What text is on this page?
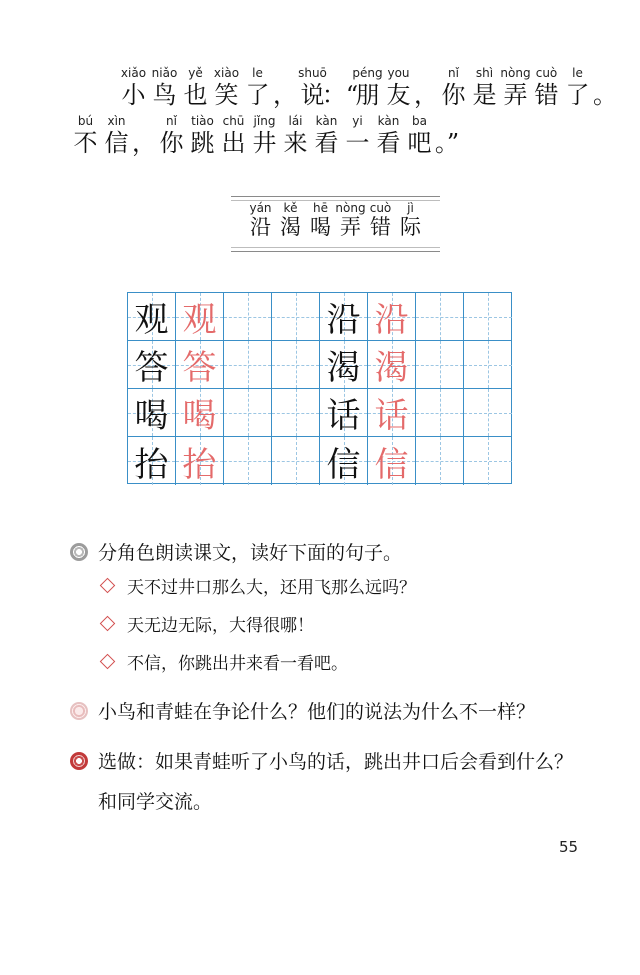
xiǎo
小
niǎo
鸟
yě
也
xiào
笑
le
了 ，
shuō
说
：“
péng
朋
you
友 ，
nǐ
你
shì
是
nòng
弄
cuò
错
le
了 。
bú
不
xìn
信 ，
nǐ
你
tiào
跳
chū
出
jǐng
井
lái
来
kàn
看
yi
一
kàn
看
ba
吧 。”
yán
沿
kě
渴
hē
喝
nòng
弄
cuò
错
jì
际
观 观	沿 沿
答 答	渴 渴
喝 喝	话 话
抬 抬	信 信
分角色朗读课文，读好下面的句子。
天不过井口那么大，还用飞那么远吗？
天无边无际，大得很哪！
不信，你跳出井来看一看吧。
小鸟和青蛙在争论什么？他们的说法为什么不一样？
选做：如果青蛙听了小鸟的话，跳出井口后会看到什么？
和同学交流。
55
